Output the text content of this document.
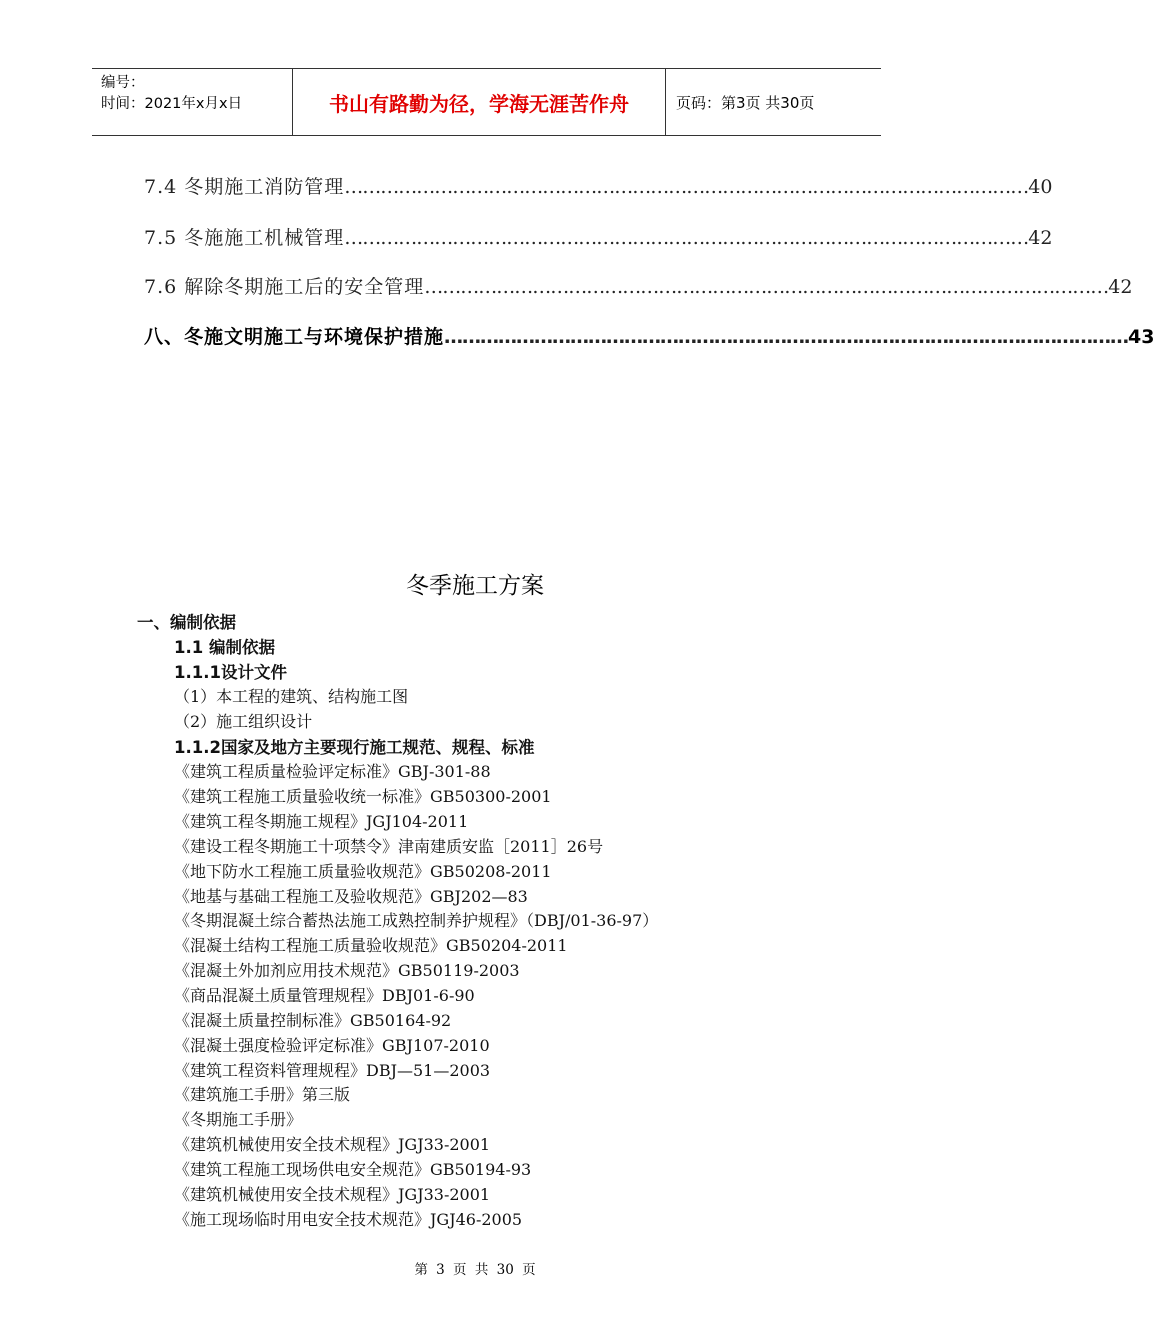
编号：
时间：2021年x月x日	书山有路勤为径，学海无涯苦作舟	页码：第3页 共30页
7.4 冬期施工消防管理 …………………………………………………………………………………………………… 40
7.5 冬施施工机械管理 …………………………………………………………………………………………………… 42
7.6 解除冬期施工后的安全管理 …………………………………………………………………………………………………… 42
八、冬施文明施工与环境保护措施 …………………………………………………………………………………………………… 43
冬季施工方案
一、编制依据
1.1 编制依据
1.1.1设计文件
（1）本工程的建筑、结构施工图
（2）施工组织设计
1.1.2国家及地方主要现行施工规范、规程、标准
《建筑工程质量检验评定标准》GBJ-301-88
《建筑工程施工质量验收统一标准》GB50300-2001
《建筑工程冬期施工规程》JGJ104-2011
《建设工程冬期施工十项禁令》津南建质安监［2011］26号
《地下防水工程施工质量验收规范》GB50208-2011
《地基与基础工程施工及验收规范》GBJ202—83
《冬期混凝土综合蓄热法施工成熟控制养护规程》（DBJ/01-36-97）
《混凝土结构工程施工质量验收规范》GB50204-2011
《混凝土外加剂应用技术规范》GB50119-2003
《商品混凝土质量管理规程》DBJ01-6-90
《混凝土质量控制标准》GB50164-92
《混凝土强度检验评定标准》GBJ107-2010
《建筑工程资料管理规程》DBJ—51—2003
《建筑施工手册》第三版
《冬期施工手册》
《建筑机械使用安全技术规程》JGJ33-2001
《建筑工程施工现场供电安全规范》GB50194-93
《建筑机械使用安全技术规程》JGJ33-2001
《施工现场临时用电安全技术规范》JGJ46-2005
第 3 页 共 30 页
